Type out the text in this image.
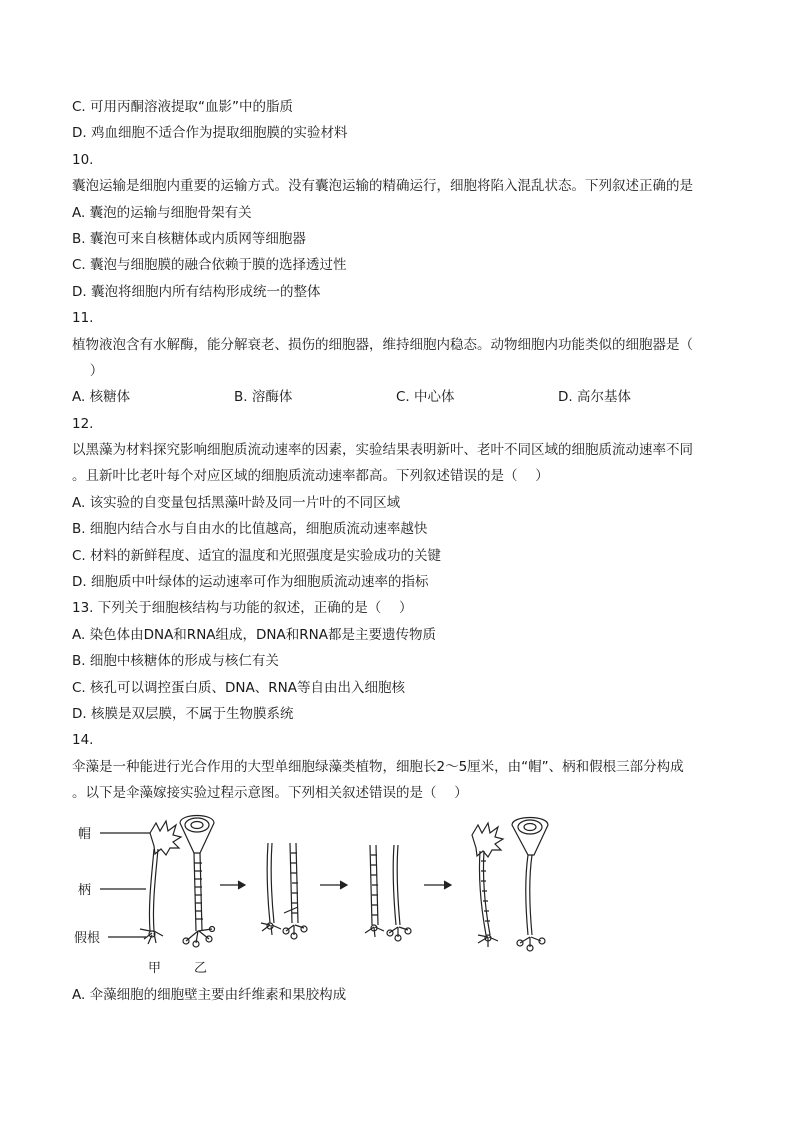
C. 可用丙酮溶液提取“血影”中的脂质
D. 鸡血细胞不适合作为提取细胞膜的实验材料
10.
囊泡运输是细胞内重要的运输方式。没有囊泡运输的精确运行，细胞将陷入混乱状态。下列叙述正确的是
A. 囊泡的运输与细胞骨架有关
B. 囊泡可来自核糖体或内质网等细胞器
C. 囊泡与细胞膜的融合依赖于膜的选择透过性
D. 囊泡将细胞内所有结构形成统一的整体
11.
植物液泡含有水解酶，能分解衰老、损伤的细胞器，维持细胞内稳态。动物细胞内功能类似的细胞器是（
　 ）
A. 核糖体	B. 溶酶体	C. 中心体	D. 高尔基体
12.
以黑藻为材料探究影响细胞质流动速率的因素，实验结果表明新叶、老叶不同区域的细胞质流动速率不同
。且新叶比老叶每个对应区域的细胞质流动速率都高。下列叙述错误的是（　 ）
A. 该实验的自变量包括黑藻叶龄及同一片叶的不同区域
B. 细胞内结合水与自由水的比值越高，细胞质流动速率越快
C. 材料的新鲜程度、适宜的温度和光照强度是实验成功的关键
D. 细胞质中叶绿体的运动速率可作为细胞质流动速率的指标
13. 下列关于细胞核结构与功能的叙述，正确的是（　 ）
A. 染色体由DNA和RNA组成，DNA和RNA都是主要遗传物质
B. 细胞中核糖体的形成与核仁有关
C. 核孔可以调控蛋白质、DNA、RNA等自由出入细胞核
D. 核膜是双层膜，不属于生物膜系统
14.
伞藻是一种能进行光合作用的大型单细胞绿藻类植物，细胞长2～5厘米，由“帽”、柄和假根三部分构成
。以下是伞藻嫁接实验过程示意图。下列相关叙述错误的是（　 ）
帽
柄
假根
甲	乙
A. 伞藻细胞的细胞壁主要由纤维素和果胶构成
